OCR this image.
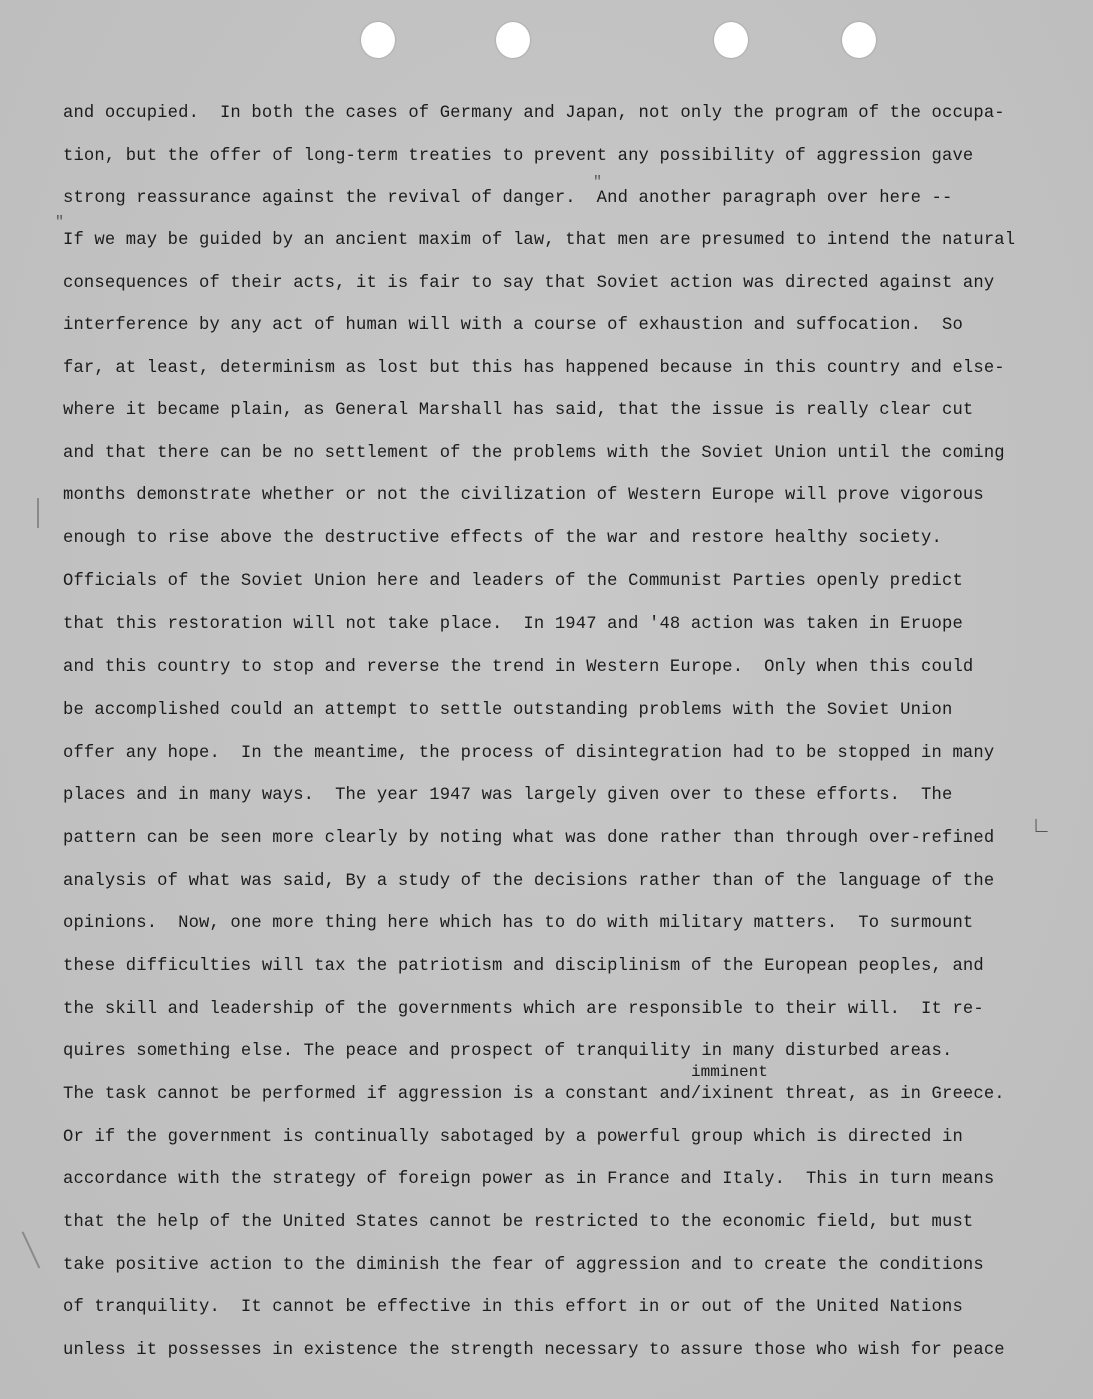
"
"
∟
imminent
and occupied.  In both the cases of Germany and Japan, not only the program of the occupa-
tion, but the offer of long-term treaties to prevent any possibility of aggression gave
strong reassurance against the revival of danger.  And another paragraph over here --
If we may be guided by an ancient maxim of law, that men are presumed to intend the natural
consequences of their acts, it is fair to say that Soviet action was directed against any
interference by any act of human will with a course of exhaustion and suffocation.  So
far, at least, determinism as lost but this has happened because in this country and else-
where it became plain, as General Marshall has said, that the issue is really clear cut
and that there can be no settlement of the problems with the Soviet Union until the coming
months demonstrate whether or not the civilization of Western Europe will prove vigorous
enough to rise above the destructive effects of the war and restore healthy society.
Officials of the Soviet Union here and leaders of the Communist Parties openly predict
that this restoration will not take place.  In 1947 and '48 action was taken in Eruope
and this country to stop and reverse the trend in Western Europe.  Only when this could
be accomplished could an attempt to settle outstanding problems with the Soviet Union
offer any hope.  In the meantime, the process of disintegration had to be stopped in many
places and in many ways.  The year 1947 was largely given over to these efforts.  The
pattern can be seen more clearly by noting what was done rather than through over-refined
analysis of what was said, By a study of the decisions rather than of the language of the
opinions.  Now, one more thing here which has to do with military matters.  To surmount
these difficulties will tax the patriotism and disciplinism of the European peoples, and
the skill and leadership of the governments which are responsible to their will.  It re-
quires something else. The peace and prospect of tranquility in many disturbed areas.
The task cannot be performed if aggression is a constant and/ixinent threat, as in Greece.
Or if the government is continually sabotaged by a powerful group which is directed in
accordance with the strategy of foreign power as in France and Italy.  This in turn means
that the help of the United States cannot be restricted to the economic field, but must
take positive action to the diminish the fear of aggression and to create the conditions
of tranquility.  It cannot be effective in this effort in or out of the United Nations
unless it possesses in existence the strength necessary to assure those who wish for peace
